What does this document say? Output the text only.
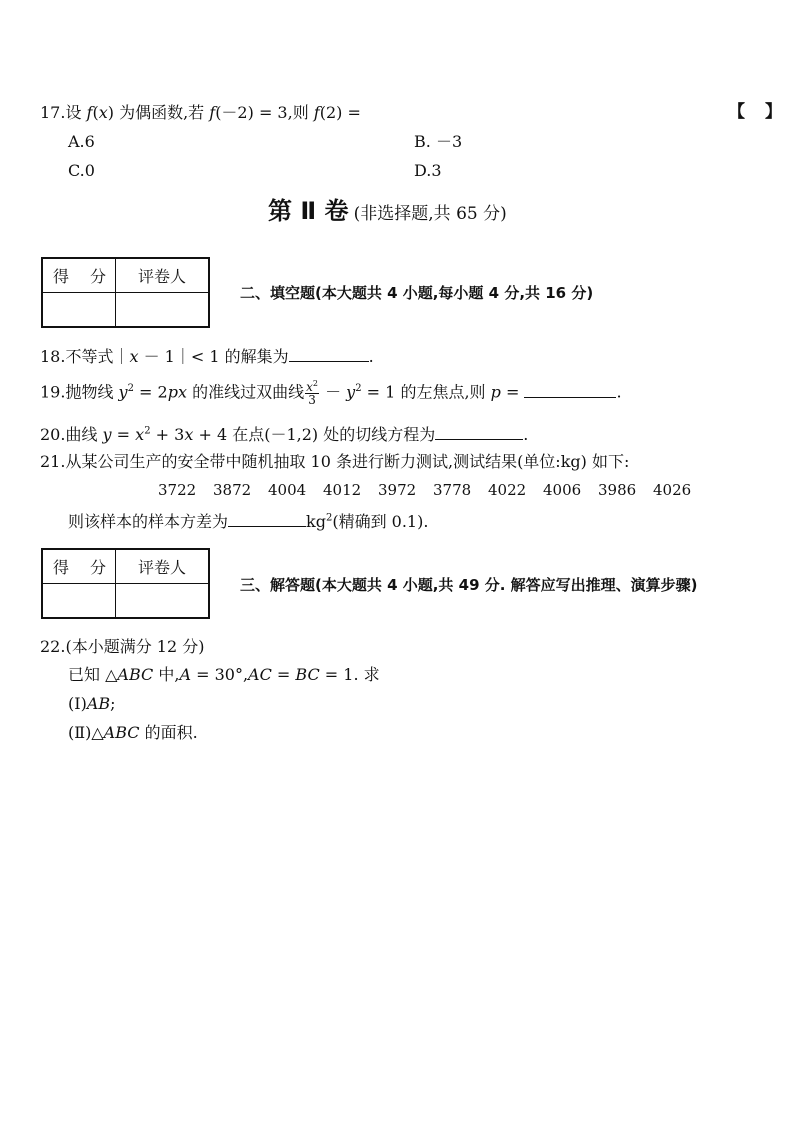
17.设 f(x) 为偶函数,若 f(－2) = 3,则 f(2) =	【 】
A.6	B. －3
C.0	D.3
第 Ⅱ 卷 (非选择题,共 65 分)
得 分	评卷人

二、填空题(本大题共 4 小题,每小题 4 分,共 16 分)
18.不等式｜x － 1｜< 1 的解集为	.
19.抛物线 $y^2 = 2px$ 的准线过双曲线 $\frac{x^2}{3} - y^2 = 1$ 的左焦点,则 p =	.
20.曲线 $y = x^2 + 3x + 4$ 在点(－1,2) 处的切线方程为	.
21.从某公司生产的安全带中随机抽取 10 条进行断力测试,测试结果(单位:kg) 如下:
3722 3872 4004 4012 3972 3778 4022 4006 3986 4026
则该样本的样本方差为	$kg^2$(精确到 0.1).
得 分	评卷人

三、解答题(本大题共 4 小题,共 49 分. 解答应写出推理、演算步骤)
22.(本小题满分 12 分)
已知 △ABC 中,A = 30°,AC = BC = 1. 求
(Ⅰ)AB;
(Ⅱ)△ABC 的面积.
